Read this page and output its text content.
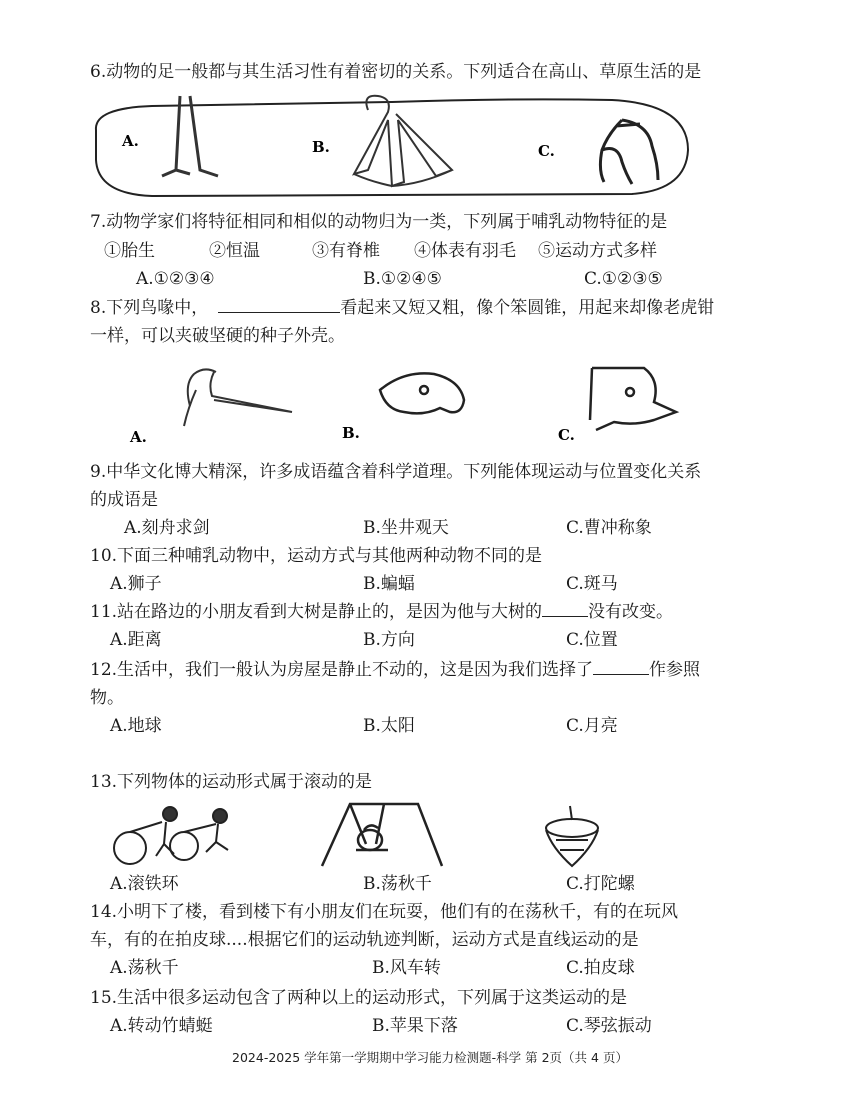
6.动物的足一般都与其生活习性有着密切的关系。下列适合在高山、草原生活的是
A.	B.	C.
7.动物学家们将特征相同和相似的动物归为一类，下列属于哺乳动物特征的是
①胎生	②恒温	③有脊椎 ④体表有羽毛 ⑤运动方式多样
A.①②③④	B.①②④⑤	C.①②③⑤
8.下列鸟喙中，	看起来又短又粗，像个笨圆锥，用起来却像老虎钳
一样，可以夹破坚硬的种子外壳。
A.	B.	C.
9.中华文化博大精深，许多成语蕴含着科学道理。下列能体现运动与位置变化关系
的成语是
A.刻舟求剑	B.坐井观天	C.曹冲称象
10.下面三种哺乳动物中，运动方式与其他两种动物不同的是
A.狮子	B.蝙蝠	C.斑马
11.站在路边的小朋友看到大树是静止的，是因为他与大树的	没有改变。
A.距离	B.方向	C.位置
12.生活中，我们一般认为房屋是静止不动的，这是因为我们选择了	作参照
物。
A.地球	B.太阳	C.月亮
13.下列物体的运动形式属于滚动的是
A.滚铁环	B.荡秋千	C.打陀螺
14.小明下了楼，看到楼下有小朋友们在玩耍，他们有的在荡秋千，有的在玩风
车，有的在拍皮球....根据它们的运动轨迹判断，运动方式是直线运动的是
A.荡秋千	B.风车转	C.拍皮球
15.生活中很多运动包含了两种以上的运动形式，下列属于这类运动的是
A.转动竹蜻蜓	B.苹果下落	C.琴弦振动
2024-2025 学年第一学期期中学习能力检测题-科学 第 2页（共 4 页）
